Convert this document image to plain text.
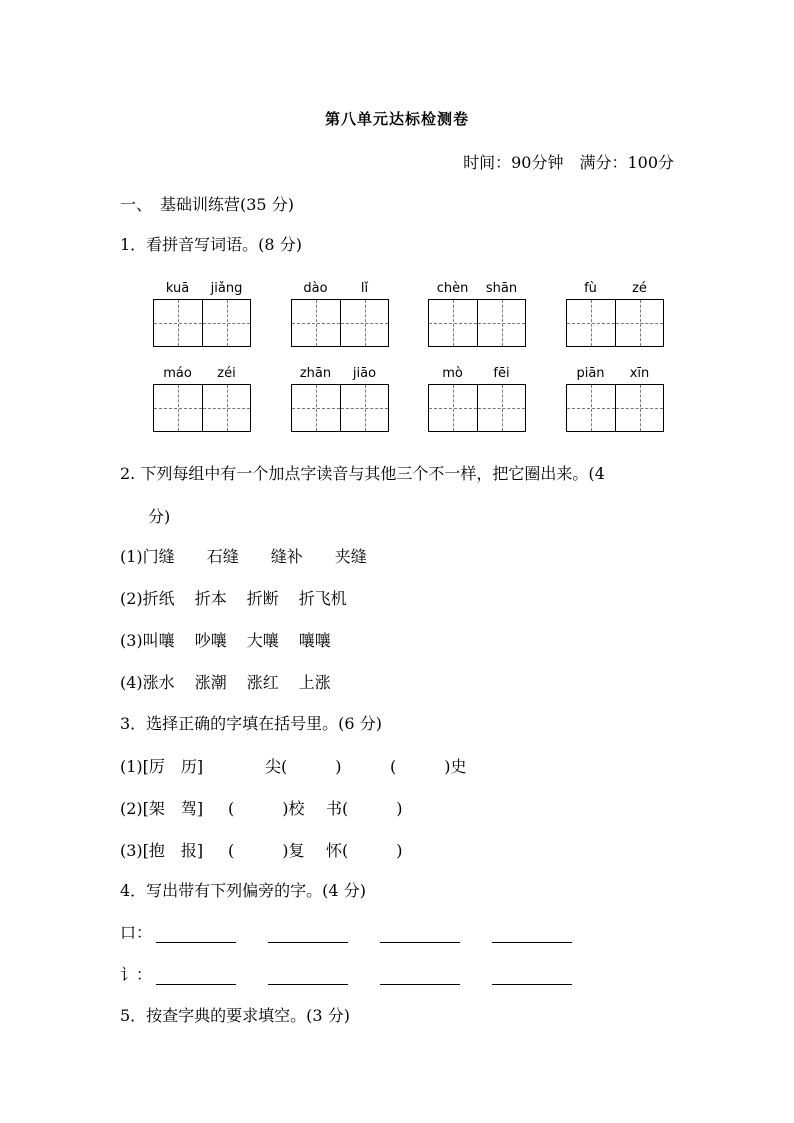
第八单元达标检测卷
时间：90分钟　满分：100分
一、　基础训练营(35 分)
1．看拼音写词语。(8 分)
kuā	jiǎng	dào	lǐ	chèn	shān	fù	zé
máo	zéi	zhān	jiāo	mò	fēi	piān	xīn
2. 下列每组中有一个加点字读音与其他三个不一样，把它圈出来。(4
分)
(1)门缝 石缝 缝补 夹缝
(2)折纸 折本 折断 折飞机
(3)叫嚷 吵嚷 大嚷 嚷嚷
(4)涨水 涨潮 涨红 上涨
3．选择正确的字填在括号里。(6 分)
(1)[厉　历]	尖(　　　)	(　　　)史
(2)[架　驾] (　　　)校 书(　　　)
(3)[抱　报] (　　　)复 怀(　　　)
4．写出带有下列偏旁的字。(4 分)
口：
讠：
5．按查字典的要求填空。(3 分)
